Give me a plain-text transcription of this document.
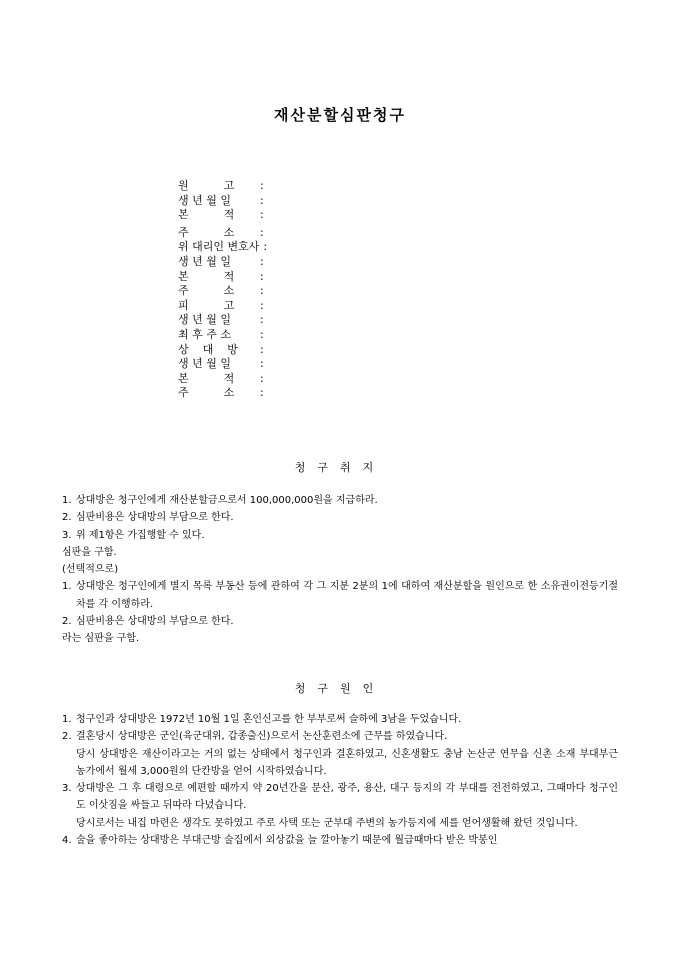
재산분할심판청구
원          고 :
생 년 월 일	:
본          적 :
주          소 :
위 대리인 변호사 :
생 년 월 일	:
본          적 :
주          소 :
피          고 :
생 년 월 일	:
최 후 주 소	:
상    대    방 :
생 년 월 일	:
본          적 :
주          소 :
청구취지
1. 상대방은 청구인에게 재산분할금으로서 100,000,000원을 지급하라.
2. 심판비용은 상대방의 부담으로 한다.
3. 위 제1항은 가집행할 수 있다.
심판을 구함.
(선택적으로)
1. 상대방은 청구인에게 별지 목록 부동산 등에 관하여 각 그 지분 2분의 1에 대하여 재산분할을 원인으로 한 소유권이전등기절차를 각 이행하라.
2. 심판비용은 상대방의 부담으로 한다.
라는 심판을 구함.
청구원인
1. 청구인과 상대방은 1972년 10월 1일 혼인신고를 한 부부로써 슬하에 3남을 두었습니다.
2. 결혼당시 상대방은 군인(육군대위, 갑종출신)으로서 논산훈련소에 근무를 하였습니다.
당시 상대방은 재산이라고는 거의 없는 상태에서 청구인과 결혼하였고, 신혼생활도 충남 논산군 연무읍 신촌 소재 부대부근 농가에서 월세 3,000원의 단칸방을 얻어 시작하였습니다.
3. 상대방은 그 후 대령으로 예편할 때까지 약 20년간을 문산, 광주, 용산, 대구 등지의 각 부대를 전전하였고, 그때마다 청구인도 이삿짐을 싸들고 뒤따라 다녔습니다.
당시로서는 내집 마련은 생각도 못하였고 주로 사택 또는 군부대 주변의 농가등지에 세를 얻어생활해 왔던 것입니다.
4. 술을 좋아하는 상대방은 부대근방 술집에서 외상값을 늘 깔아놓기 때문에 월급때마다 받은 박봉인
